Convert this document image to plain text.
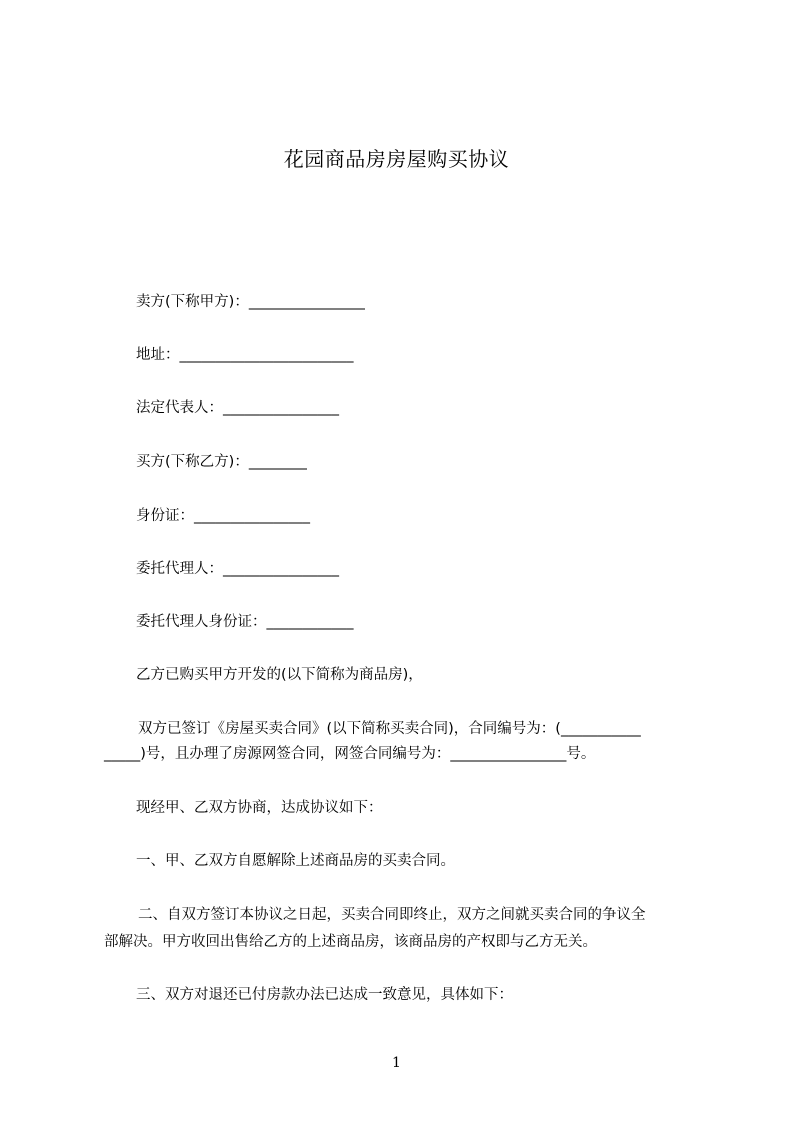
花园商品房房屋购买协议
卖方(下称甲方)：________________
地址：________________________
法定代表人：________________
买方(下称乙方)：________
身份证：________________
委托代理人：________________
委托代理人身份证：____________
乙方已购买甲方开发的(以下简称为商品房)，
双方已签订《房屋买卖合同》(以下简称买卖合同)，合同编号为：(___________
_____)号，且办理了房源网签合同，网签合同编号为：________________号。
现经甲、乙双方协商，达成协议如下：
一、甲、乙双方自愿解除上述商品房的买卖合同。
二、自双方签订本协议之日起，买卖合同即终止，双方之间就买卖合同的争议全
部解决。甲方收回出售给乙方的上述商品房，该商品房的产权即与乙方无关。
三、双方对退还已付房款办法已达成一致意见，具体如下：
1
